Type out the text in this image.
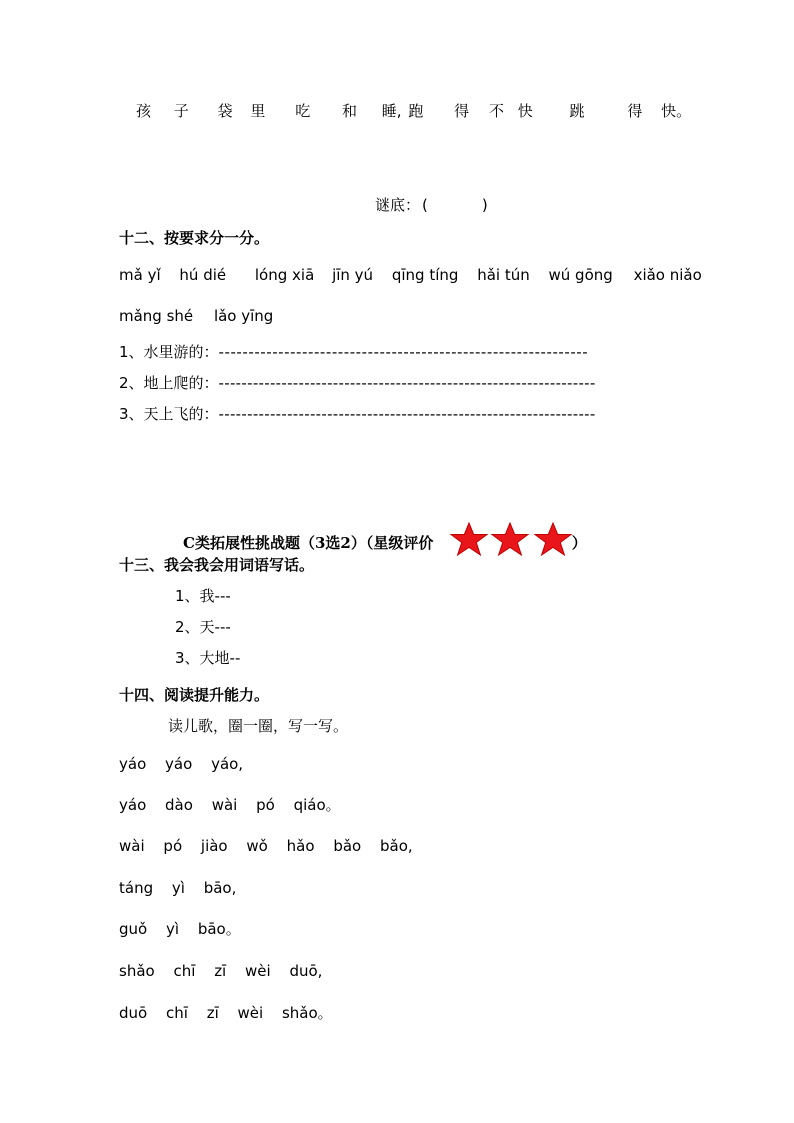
孩 子 袋 里 吃 和 睡, 跑 得 不 快 跳	得 快。
谜底： (	)
十二、按要求分一分。
mǎ yǐ hú dié lóng xiā jīn yú qīng tíng hǎi tún wú gōng xiǎo niǎo
mǎng shé lǎo yīng
1、水里游的：--------------------------------------------------------------
2、地上爬的：------------------------------------------------------------------
3、天上飞的：------------------------------------------------------------------
C类拓展性挑战题（3选2）（星级评价	）
十三、我会我会用词语写话。
1、我---
2、天---
3、大地--
十四、阅读提升能力。
读儿歌，圈一圈，写一写。
yáo yáo yáo,
yáo dào wài pó qiáo。
wài pó jiào wǒ hǎo bǎo bǎo,
táng yì bāo,
guǒ yì bāo。
shǎo chī zī wèi duō,
duō chī zī wèi shǎo。
